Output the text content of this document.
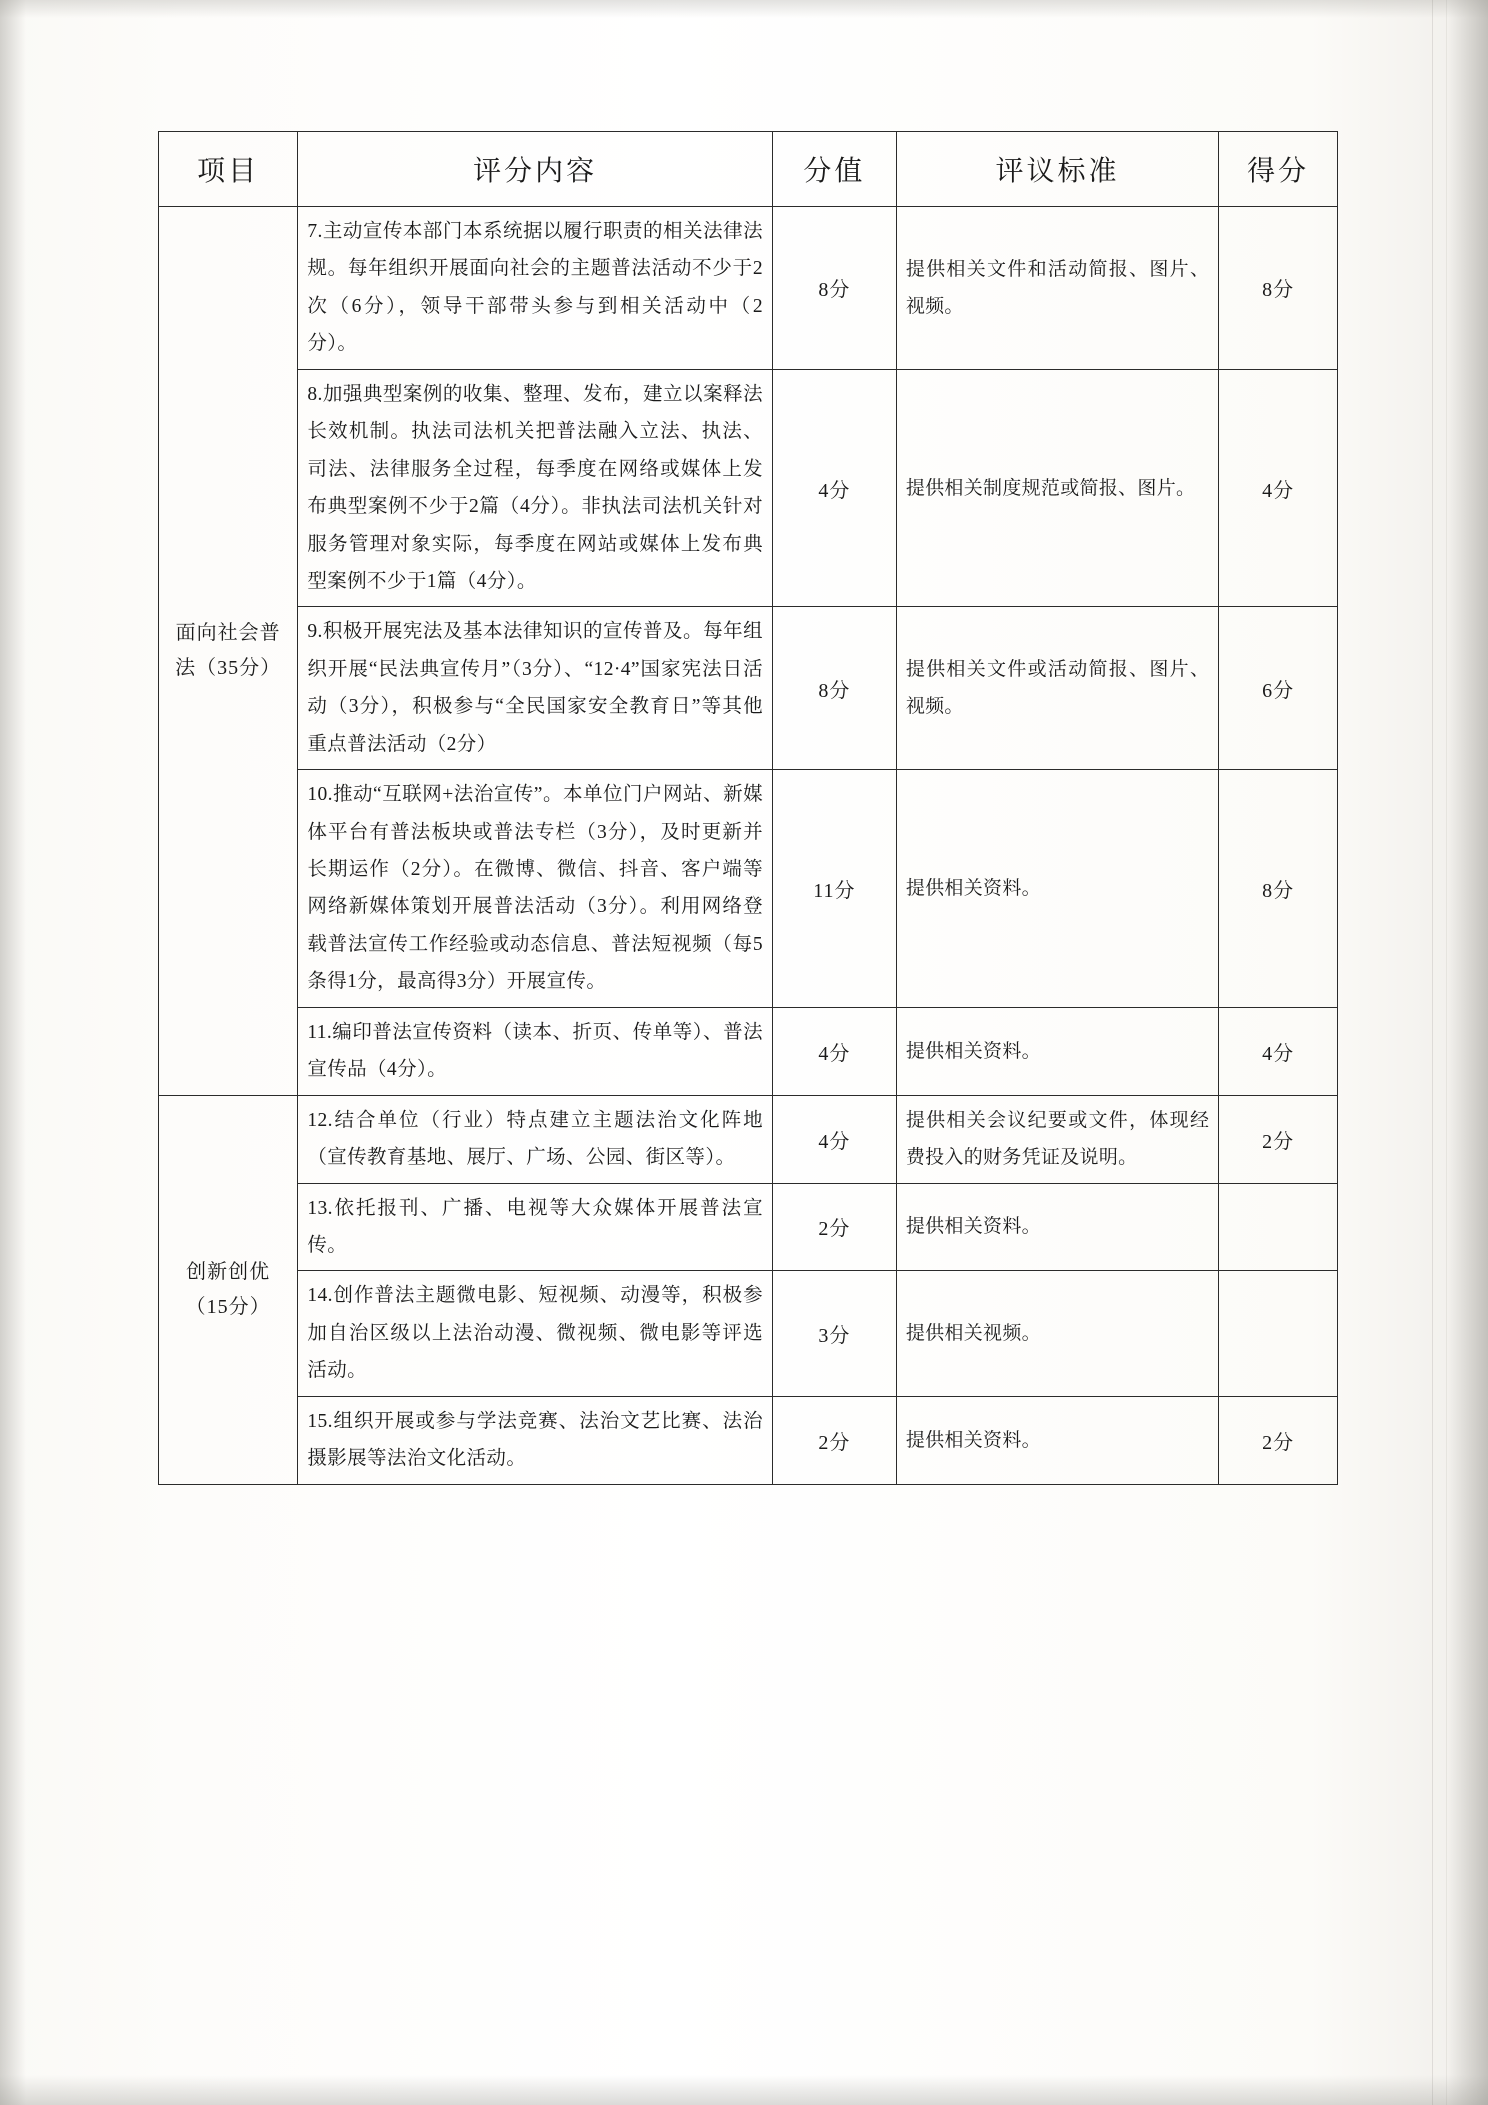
项目	评分内容	分值	评议标准	得分
面向社会普法（35分）	7.主动宣传本部门本系统据以履行职责的相关法律法规。每年组织开展面向社会的主题普法活动不少于2次（6分），领导干部带头参与到相关活动中（2分）。	8分	提供相关文件和活动简报、图片、视频。	8分
	8.加强典型案例的收集、整理、发布，建立以案释法长效机制。执法司法机关把普法融入立法、执法、司法、法律服务全过程，每季度在网络或媒体上发布典型案例不少于2篇（4分）。非执法司法机关针对服务管理对象实际，每季度在网站或媒体上发布典型案例不少于1篇（4分）。	4分	提供相关制度规范或简报、图片。	4分
	9.积极开展宪法及基本法律知识的宣传普及。每年组织开展“民法典宣传月”（3分）、“12·4”国家宪法日活动（3分），积极参与“全民国家安全教育日”等其他重点普法活动（2分）	8分	提供相关文件或活动简报、图片、视频。	6分
	10.推动“互联网+法治宣传”。本单位门户网站、新媒体平台有普法板块或普法专栏（3分），及时更新并长期运作（2分）。在微博、微信、抖音、客户端等网络新媒体策划开展普法活动（3分）。利用网络登载普法宣传工作经验或动态信息、普法短视频（每5条得1分，最高得3分）开展宣传。	11分	提供相关资料。	8分
	11.编印普法宣传资料（读本、折页、传单等）、普法宣传品（4分）。	4分	提供相关资料。	4分
创新创优（15分）	12.结合单位（行业）特点建立主题法治文化阵地（宣传教育基地、展厅、广场、公园、街区等）。	4分	提供相关会议纪要或文件，体现经费投入的财务凭证及说明。	2分
	13.依托报刊、广播、电视等大众媒体开展普法宣传。	2分	提供相关资料。	
	14.创作普法主题微电影、短视频、动漫等，积极参加自治区级以上法治动漫、微视频、微电影等评选活动。	3分	提供相关视频。	
	15.组织开展或参与学法竞赛、法治文艺比赛、法治摄影展等法治文化活动。	2分	提供相关资料。	2分
